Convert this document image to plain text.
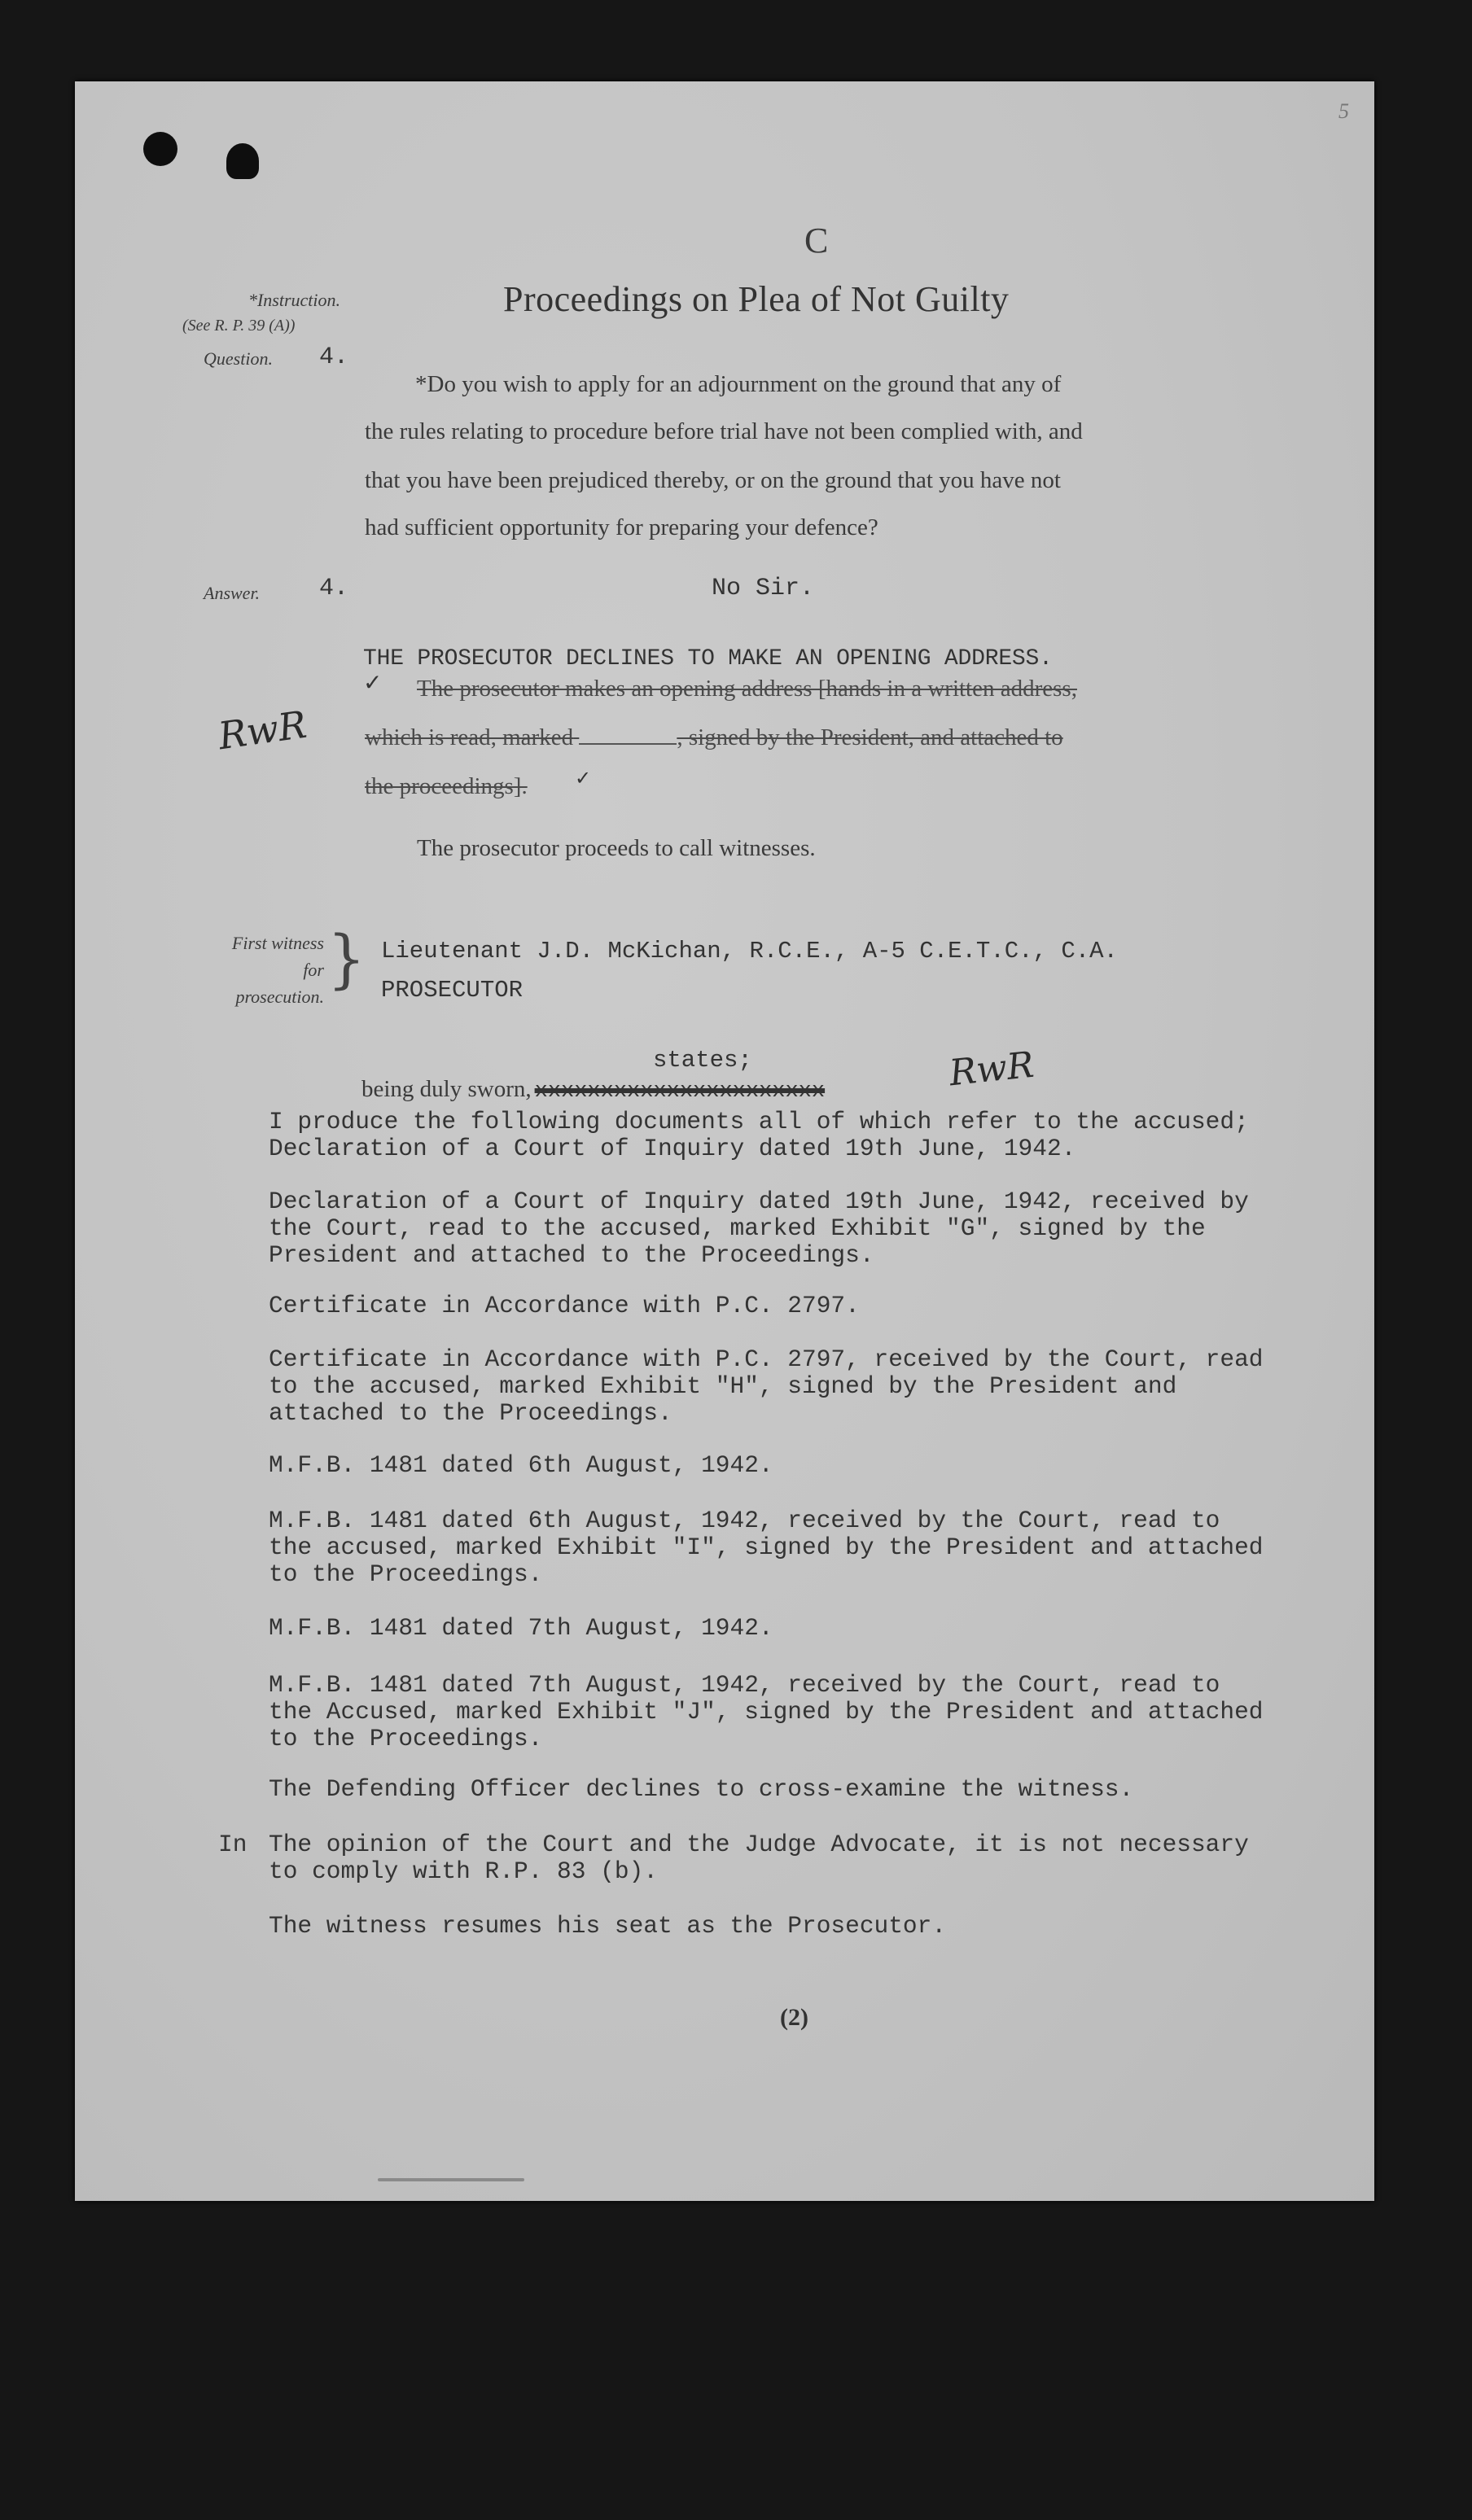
5
C
Proceedings on Plea of Not Guilty
*Instruction.
(See R. P. 39 (A))
Question. 4.
*Do you wish to apply for an adjournment on the ground that any of
the rules relating to procedure before trial have not been complied with, and
that you have been prejudiced thereby, or on the ground that you have not
had sufficient opportunity for preparing your defence?
Answer. 4.	No Sir.
THE PROSECUTOR DECLINES TO MAKE AN OPENING ADDRESS.
✓ The prosecutor makes an opening address [hands in a written address,
RwR which is read, marked	, signed by the President, and attached to
the proceedings]. ✓
The prosecutor proceeds to call witnesses.
First witness
for
prosecution.
} Lieutenant J.D. McKichan, R.C.E., A-5 C.E.T.C., C.A.
PROSECUTOR
states;
being duly sworn, xxxxxxxxxxxxxxxxxxxxxx	RwR
I produce the following documents all of which refer to the accused;
Declaration of a Court of Inquiry dated 19th June, 1942.
Declaration of a Court of Inquiry dated 19th June, 1942, received by
the Court, read to the accused, marked Exhibit "G", signed by the
President and attached to the Proceedings.
Certificate in Accordance with P.C. 2797.
Certificate in Accordance with P.C. 2797, received by the Court, read
to the accused, marked Exhibit "H", signed by the President and
attached to the Proceedings.
M.F.B. 1481 dated 6th August, 1942.
M.F.B. 1481 dated 6th August, 1942, received by the Court, read to
the accused, marked Exhibit "I", signed by the President and attached
to the Proceedings.
M.F.B. 1481 dated 7th August, 1942.
M.F.B. 1481 dated 7th August, 1942, received by the Court, read to
the Accused, marked Exhibit "J", signed by the President and attached
to the Proceedings.
The Defending Officer declines to cross-examine the witness.
In The opinion of the Court and the Judge Advocate, it is not necessary
to comply with R.P. 83 (b).
The witness resumes his seat as the Prosecutor.
(2)
